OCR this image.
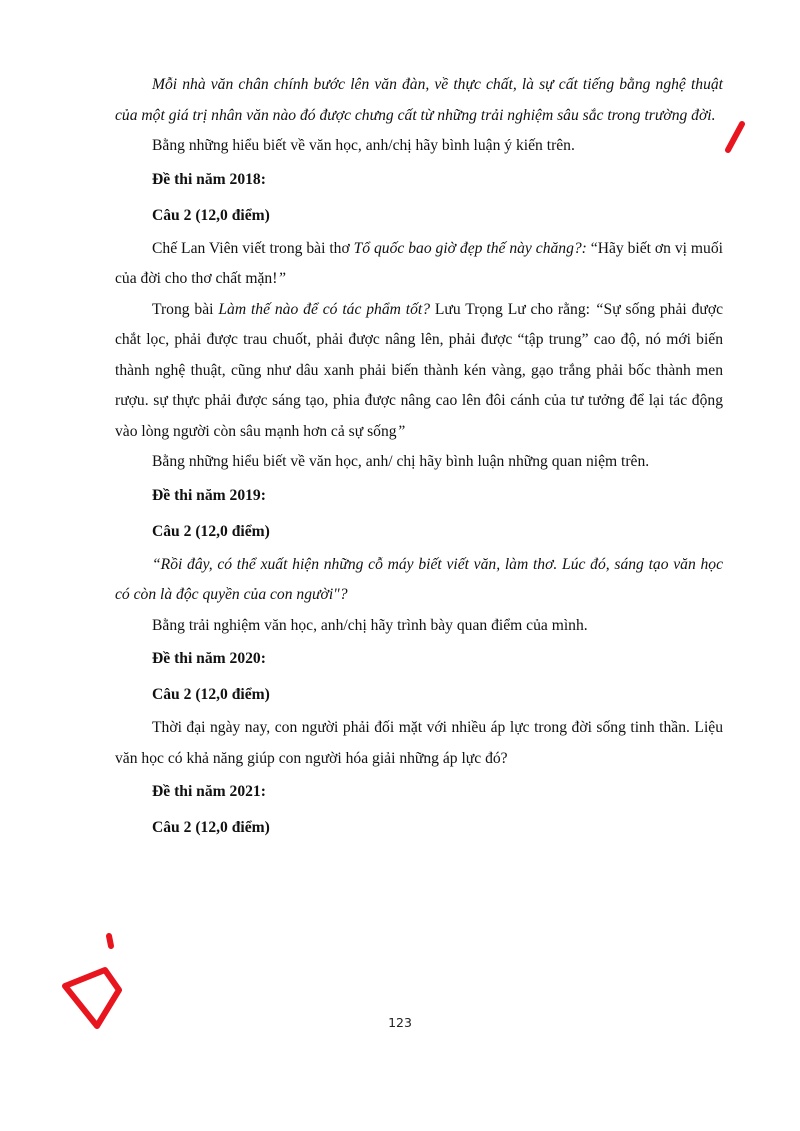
Mỗi nhà văn chân chính bước lên văn đàn, về thực chất, là sự cất tiếng bằng nghệ thuật của một giá trị nhân văn nào đó được chưng cất từ những trải nghiệm sâu sắc trong trường đời.

Bằng những hiểu biết về văn học, anh/chị hãy bình luận ý kiến trên.

Đề thi năm 2018:

Câu 2 (12,0 điểm)

Chế Lan Viên viết trong bài thơ Tổ quốc bao giờ đẹp thế này chăng?: “Hãy biết ơn vị muối của đời cho thơ chất mặn!”

Trong bài Làm thế nào để có tác phẩm tốt? Lưu Trọng Lư cho rằng: “Sự sống phải được chắt lọc, phải được trau chuốt, phải được nâng lên, phải được “tập trung” cao độ, nó mới biến thành nghệ thuật, cũng như dâu xanh phải biến thành kén vàng, gạo trắng phải bốc thành men rượu. sự thực phải được sáng tạo, phia được nâng cao lên đôi cánh của tư tưởng để lại tác động vào lòng người còn sâu mạnh hơn cả sự sống”

Bằng những hiểu biết về văn học, anh/ chị hãy bình luận những quan niệm trên.

Đề thi năm 2019:

Câu 2 (12,0 điểm)

“Rồi đây, có thể xuất hiện những cỗ máy biết viết văn, làm thơ. Lúc đó, sáng tạo văn học có còn là độc quyền của con người"?

Bằng trải nghiệm văn học, anh/chị hãy trình bày quan điểm của mình.

Đề thi năm 2020:

Câu 2 (12,0 điểm)

Thời đại ngày nay, con người phải đối mặt với nhiều áp lực trong đời sống tinh thần. Liệu văn học có khả năng giúp con người hóa giải những áp lực đó?

Đề thi năm 2021:

Câu 2 (12,0 điểm)

123
